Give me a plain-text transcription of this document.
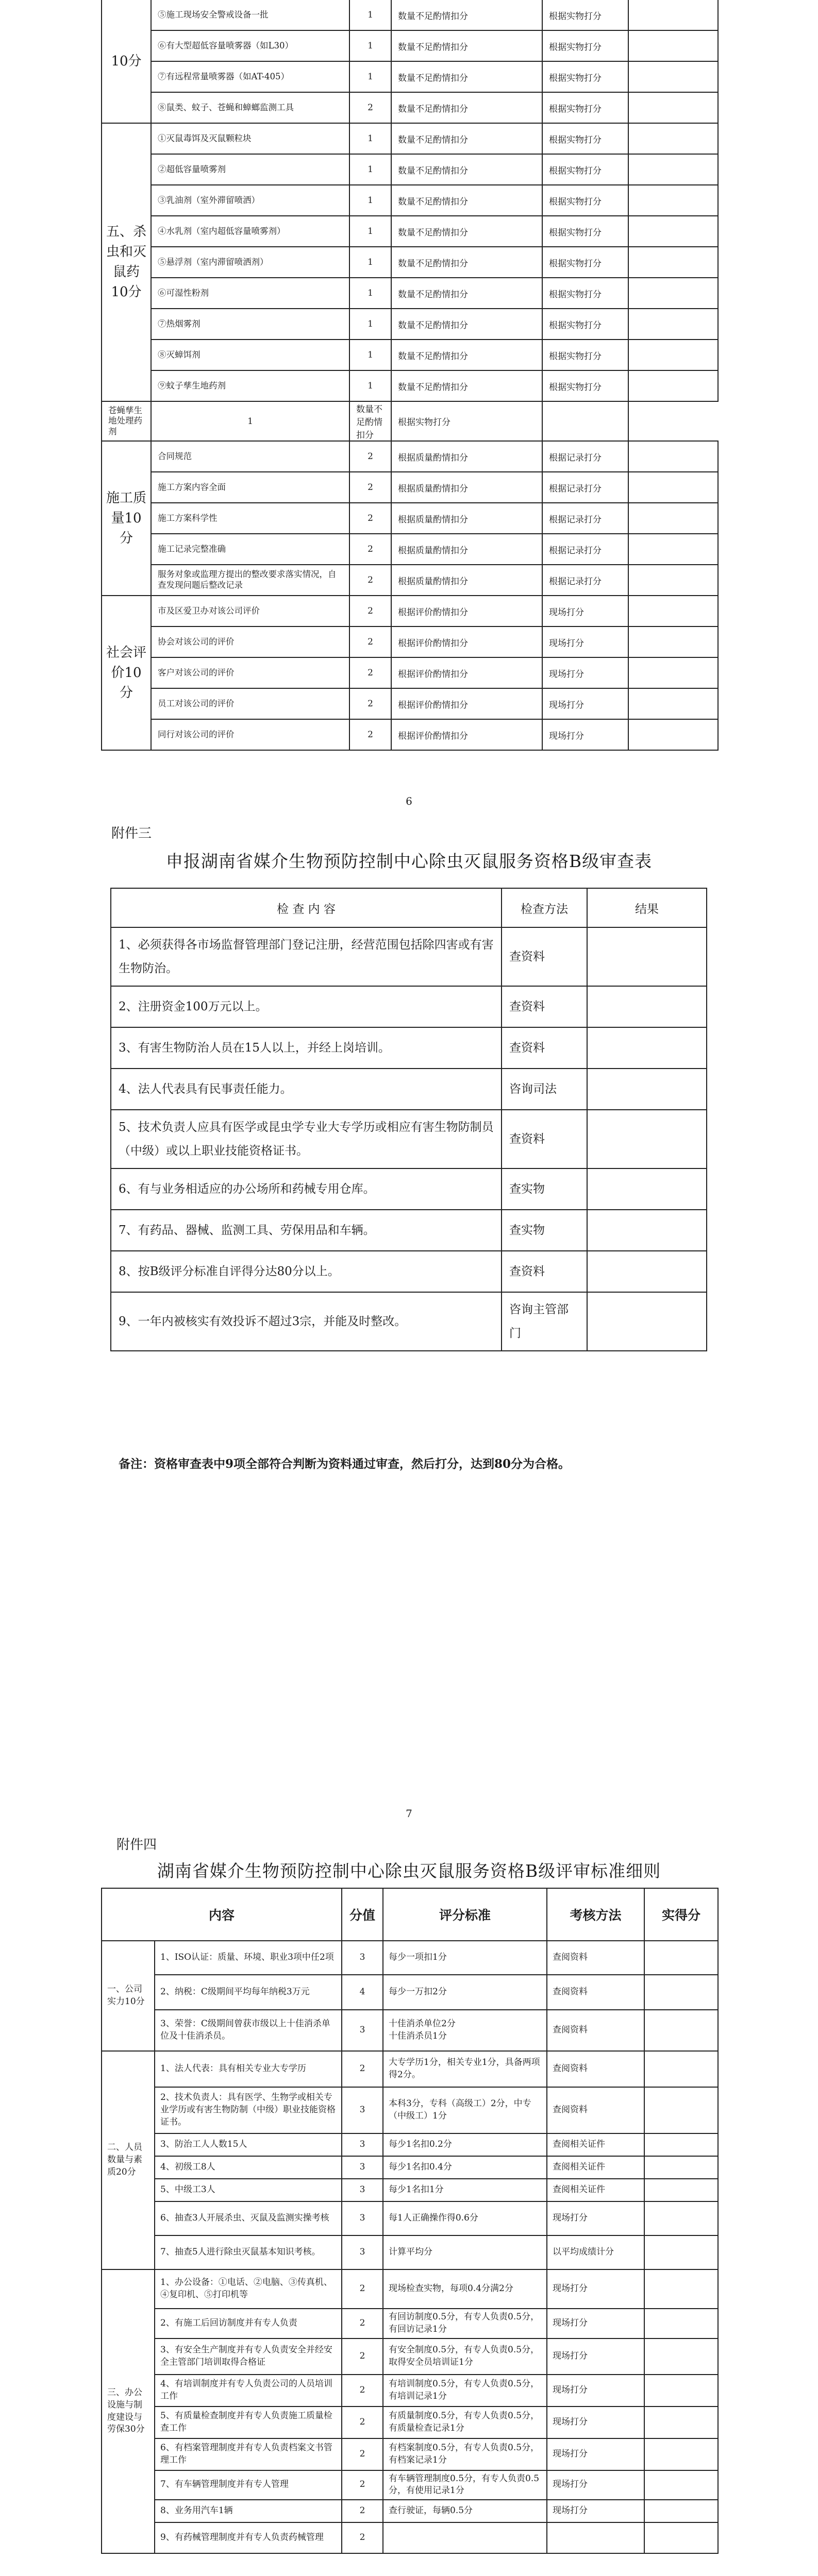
10分	⑤施工现场安全警戒设备一批	1	数量不足酌情扣分	根据实物打分	
	⑥有大型超低容量喷雾器（如L30）	1	数量不足酌情扣分	根据实物打分	
	⑦有远程常量喷雾器（如AT-405）	1	数量不足酌情扣分	根据实物打分	
	⑧鼠类、蚊子、苍蝇和蟑螂监测工具	2	数量不足酌情扣分	根据实物打分	
五、杀虫和灭鼠药10分	①灭鼠毒饵及灭鼠颗粒块	1	数量不足酌情扣分	根据实物打分	
	②超低容量喷雾剂	1	数量不足酌情扣分	根据实物打分	
	③乳油剂（室外滞留喷洒）	1	数量不足酌情扣分	根据实物打分	
	④水乳剂（室内超低容量喷雾剂）	1	数量不足酌情扣分	根据实物打分	
	⑤悬浮剂（室内滞留喷洒剂）	1	数量不足酌情扣分	根据实物打分	
	⑥可湿性粉剂	1	数量不足酌情扣分	根据实物打分	
	⑦热烟雾剂	1	数量不足酌情扣分	根据实物打分	
	⑧灭蟑饵剂	1	数量不足酌情扣分	根据实物打分	
	⑨蚊子孳生地药剂	1	数量不足酌情扣分	根据实物打分	
苍蝇孳生地处理药剂	1	数量不足酌情扣分	根据实物打分		
施工质量10分	合同规范	2	根据质量酌情扣分	根据记录打分	
	施工方案内容全面	2	根据质量酌情扣分	根据记录打分	
	施工方案科学性	2	根据质量酌情扣分	根据记录打分	
	施工记录完整准确	2	根据质量酌情扣分	根据记录打分	
	服务对象或监理方提出的整改要求落实情况，自查发现问题后整改记录	2	根据质量酌情扣分	根据记录打分	
社会评价10分	市及区爱卫办对该公司评价	2	根据评价酌情扣分	现场打分	
	协会对该公司的评价	2	根据评价酌情扣分	现场打分	
	客户对该公司的评价	2	根据评价酌情扣分	现场打分	
	员工对该公司的评价	2	根据评价酌情扣分	现场打分	
	同行对该公司的评价	2	根据评价酌情扣分	现场打分	
6
附件三
申报湖南省媒介生物预防控制中心除虫灭鼠服务资格B级审查表
检 查 内 容	检查方法	结果
1、必须获得各市场监督管理部门登记注册，经营范围包括除四害或有害生物防治。	查资料	
2、注册资金100万元以上。	查资料	
3、有害生物防治人员在15人以上，并经上岗培训。	查资料	
4、法人代表具有民事责任能力。	咨询司法	
5、技术负责人应具有医学或昆虫学专业大专学历或相应有害生物防制员（中级）或以上职业技能资格证书。	查资料	
6、有与业务相适应的办公场所和药械专用仓库。	查实物	
7、有药品、器械、监测工具、劳保用品和车辆。	查实物	
8、按B级评分标准自评得分达80分以上。	查资料	
9、一年内被核实有效投诉不超过3宗，并能及时整改。	咨询主管部门	
备注：资格审查表中9项全部符合判断为资料通过审查，然后打分，达到80分为合格。
7
附件四
湖南省媒介生物预防控制中心除虫灭鼠服务资格B级评审标准细则
内容		分值	评分标准	考核方法	实得分
一、公司实力10分	1、ISO认证：质量、环境、职业3项中任2项	3	每少一项扣1分	查阅资料	
	2、纳税：C级期间平均每年纳税3万元	4	每少一万扣2分	查阅资料	
	3、荣誉：C级期间曾获市级以上十佳消杀单位及十佳消杀员。	3	十佳消杀单位2分
十佳消杀员1分	查阅资料	
二、人员数量与素质20分	1、法人代表：具有相关专业大专学历	2	大专学历1分，相关专业1分，具备两项得2分。	查阅资料	
	2、技术负责人：具有医学、生物学或相关专业学历或有害生物防制（中级）职业技能资格证书。	3	本科3分，专科（高级工）2分，中专（中级工）1分	查阅资料	
	3、防治工人人数15人	3	每少1名扣0.2分	查阅相关证件	
	4、初级工8人	3	每少1名扣0.4分	查阅相关证件	
	5、中级工3人	3	每少1名扣1分	查阅相关证件	
	6、抽查3人开展杀虫、灭鼠及监测实操考核	3	每1人正确操作得0.6分	现场打分	
	7、抽查5人进行除虫灭鼠基本知识考核。	3	计算平均分	以平均成绩计分	
三、办公设施与制度建设与劳保30分	1、办公设备：①电话、②电脑、③传真机、④复印机、⑤打印机等	2	现场检查实物，每项0.4分满2分	现场打分	
	2、有施工后回访制度并有专人负责	2	有回访制度0.5分，有专人负责0.5分，有回访记录1分	现场打分	
	3、有安全生产制度并有专人负责安全并经安全主管部门培训取得合格证	2	有安全制度0.5分，有专人负责0.5分，取得安全员培训证1分	现场打分	
	4、有培训制度并有专人负责公司的人员培训工作	2	有培训制度0.5分，有专人负责0.5分，有培训记录1分	现场打分	
	5、有质量检查制度并有专人负责施工质量检查工作	2	有质量制度0.5分，有专人负责0.5分，有质量检查记录1分	现场打分	
	6、有档案管理制度并有专人负责档案文书管理工作	2	有档案制度0.5分，有专人负责0.5分，有档案记录1分	现场打分	
	7、有车辆管理制度并有专人管理	2	有车辆管理制度0.5分，有专人负责0.5分，有使用记录1分	现场打分	
	8、业务用汽车1辆	2	查行驶证，每辆0.5分	现场打分	
	9、有药械管理制度并有专人负责药械管理	2			
